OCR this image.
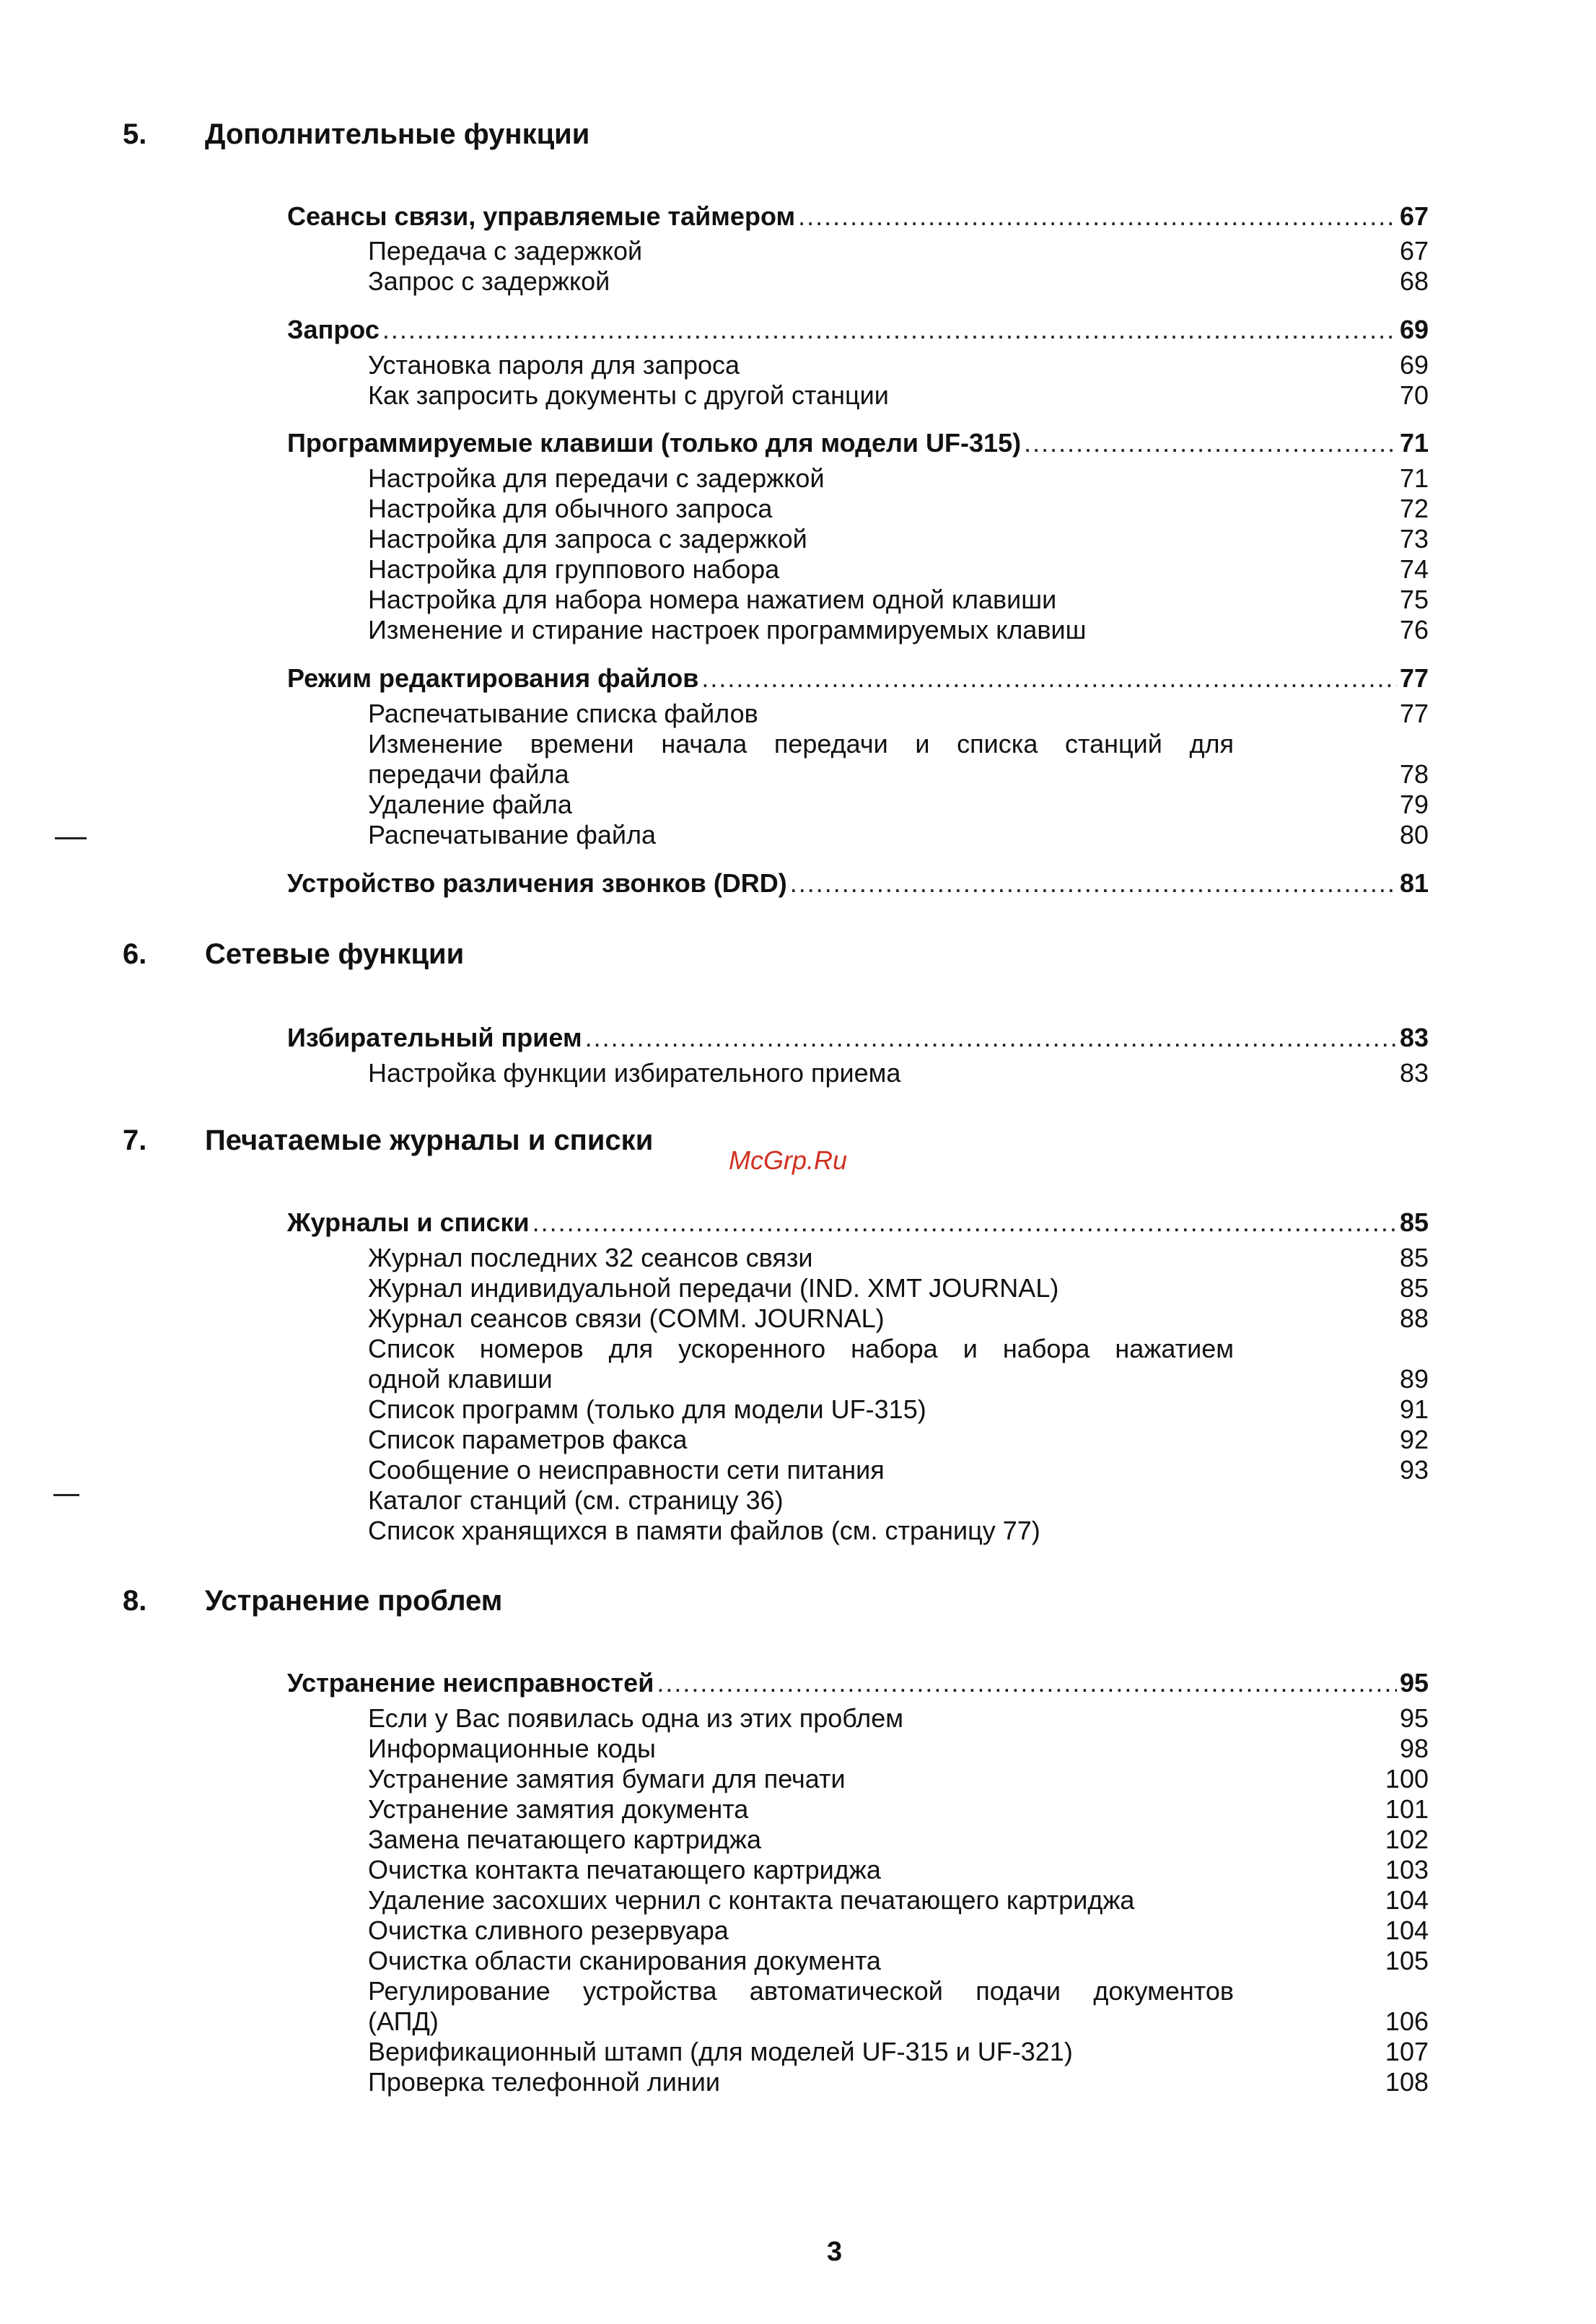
5. Дополнительные функции
Сеансы связи, управляемые таймером .....	67
Передача с задержкой	67
Запрос с задержкой	68
Запрос .....	69
Установка пароля для запроса	69
Как запросить документы с другой станции	70
Программируемые клавиши (только для модели UF-315) .....	71
Настройка для передачи с задержкой	71
Настройка для обычного запроса	72
Настройка для запроса с задержкой	73
Настройка для группового набора	74
Настройка для набора номера нажатием одной клавиши	75
Изменение и стирание настроек программируемых клавиш	76
Режим редактирования файлов .....	77
Распечатывание списка файлов	77
Изменение времени начала передачи и списка станций для
передачи файла	78
Удаление файла	79
Распечатывание файла	80
Устройство различения звонков (DRD) .....	81
6. Сетевые функции
Избирательный прием .....	83
Настройка функции избирательного приема	83
7. Печатаемые журналы и списки
McGrp.Ru
Журналы и списки .....	85
Журнал последних 32 сеансов связи	85
Журнал индивидуальной передачи (IND. XMT JOURNAL)	85
Журнал сеансов связи (COMM. JOURNAL)	88
Список номеров для ускоренного набора и набора нажатием
одной клавиши	89
Список программ (только для модели UF-315)	91
Список параметров факса	92
Сообщение о неисправности сети питания	93
Каталог станций (см. страницу 36)
Список хранящихся в памяти файлов (см. страницу 77)
8. Устранение проблем
Устранение неисправностей .....	95
Если у Вас появилась одна из этих проблем	95
Информационные коды	98
Устранение замятия бумаги для печати	100
Устранение замятия документа	101
Замена печатающего картриджа	102
Очистка контакта печатающего картриджа	103
Удаление засохших чернил с контакта печатающего картриджа	104
Очистка сливного резервуара	104
Очистка области сканирования документа	105
Регулирование устройства автоматической подачи документов
(АПД)	106
Верификационный штамп (для моделей UF-315 и UF-321)	107
Проверка телефонной линии	108
3
